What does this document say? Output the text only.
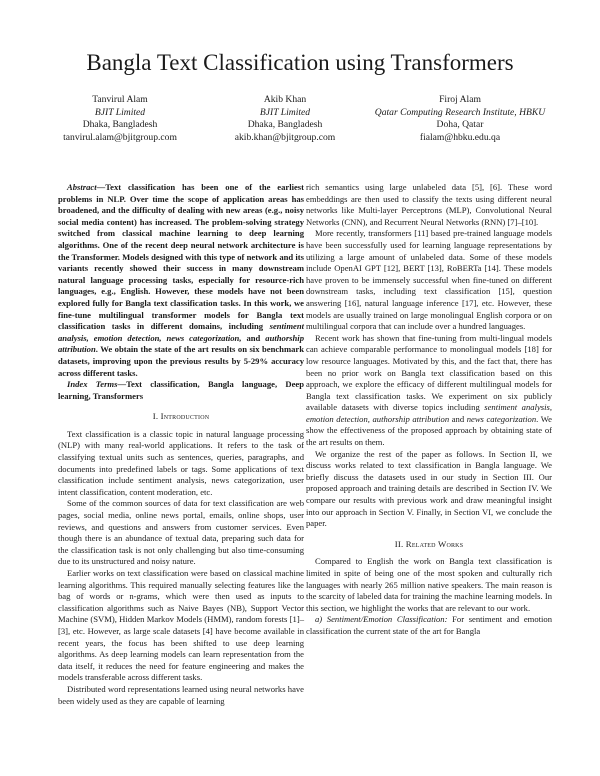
Bangla Text Classification using Transformers
Tanvirul Alam
BJIT Limited
Dhaka, Bangladesh
tanvirul.alam@bjitgroup.com
Akib Khan
BJIT Limited
Dhaka, Bangladesh
akib.khan@bjitgroup.com
Firoj Alam
Qatar Computing Research Institute, HBKU
Doha, Qatar
fialam@hbku.edu.qa

Abstract—Text classification has been one of the earliest problems in NLP. Over time the scope of application areas has broadened, and the difficulty of dealing with new areas (e.g., noisy social media content) has increased. The problem-solving strategy switched from classical machine learning to deep learning algorithms. One of the recent deep neural network architecture is the Transformer. Models designed with this type of network and its variants recently showed their success in many downstream natural language processing tasks, especially for resource-rich languages, e.g., English. However, these models have not been explored fully for Bangla text classification tasks. In this work, we fine-tune multilingual transformer models for Bangla text classification tasks in different domains, including sentiment analysis, emotion detection, news categorization, and authorship attribution. We obtain the state of the art results on six benchmark datasets, improving upon the previous results by 5-29% accuracy across different tasks.

Index Terms—Text classification, Bangla language, Deep learning, Transformers

I. Introduction

Text classification is a classic topic in natural language processing (NLP) with many real-world applications. It refers to the task of classifying textual units such as sentences, queries, paragraphs, and documents into predefined labels or tags. Some applications of text classification include sentiment analysis, news categorization, user intent classification, content moderation, etc.

Some of the common sources of data for text classification are web pages, social media, online news portal, emails, online shops, user reviews, and questions and answers from customer services. Even though there is an abundance of textual data, preparing such data for the classification task is not only challenging but also time-consuming due to its unstructured and noisy nature.

Earlier works on text classification were based on classical machine learning algorithms. This required manually selecting features like the bag of words or n-grams, which were then used as inputs to classification algorithms such as Naive Bayes (NB), Support Vector Machine (SVM), Hidden Markov Models (HMM), random forests [1]–[3], etc. However, as large scale datasets [4] have become available in recent years, the focus has been shifted to use deep learning algorithms. As deep learning models can learn representation from the data itself, it reduces the need for feature engineering and makes the models transferable across different tasks.

Distributed word representations learned using neural networks have been widely used as they are capable of learning

rich semantics using large unlabeled data [5], [6]. These word embeddings are then used to classify the texts using different neural networks like Multi-layer Perceptrons (MLP), Convolutional Neural Networks (CNN), and Recurrent Neural Networks (RNN) [7]–[10].

More recently, transformers [11] based pre-trained language models have been successfully used for learning language representations by utilizing a large amount of unlabeled data. Some of these models include OpenAI GPT [12], BERT [13], RoBERTa [14]. These models have proven to be immensely successful when fine-tuned on different downstream tasks, including text classification [15], question answering [16], natural language inference [17], etc. However, these models are usually trained on large monolingual English corpora or on multilingual corpora that can include over a hundred languages.

Recent work has shown that fine-tuning from multi-lingual models can achieve comparable performance to monolingual models [18] for low resource languages. Motivated by this, and the fact that, there has been no prior work on Bangla text classification based on this approach, we explore the efficacy of different multilingual models for Bangla text classification tasks. We experiment on six publicly available datasets with diverse topics including sentiment analysis, emotion detection, authorship attribution and news categorization. We show the effectiveness of the proposed approach by obtaining state of the art results on them.

We organize the rest of the paper as follows. In Section II, we discuss works related to text classification in Bangla language. We briefly discuss the datasets used in our study in Section III. Our proposed approach and training details are described in Section IV. We compare our results with previous work and draw meaningful insight into our approach in Section V. Finally, in Section VI, we conclude the paper.

II. Related Works

Compared to English the work on Bangla text classification is limited in spite of being one of the most spoken and culturally rich languages with nearly 265 million native speakers. The main reason is the scarcity of labeled data for training the machine learning models. In this section, we highlight the works that are relevant to our work.

a) Sentiment/Emotion Classification: For sentiment and emotion classification the current state of the art for Bangla
